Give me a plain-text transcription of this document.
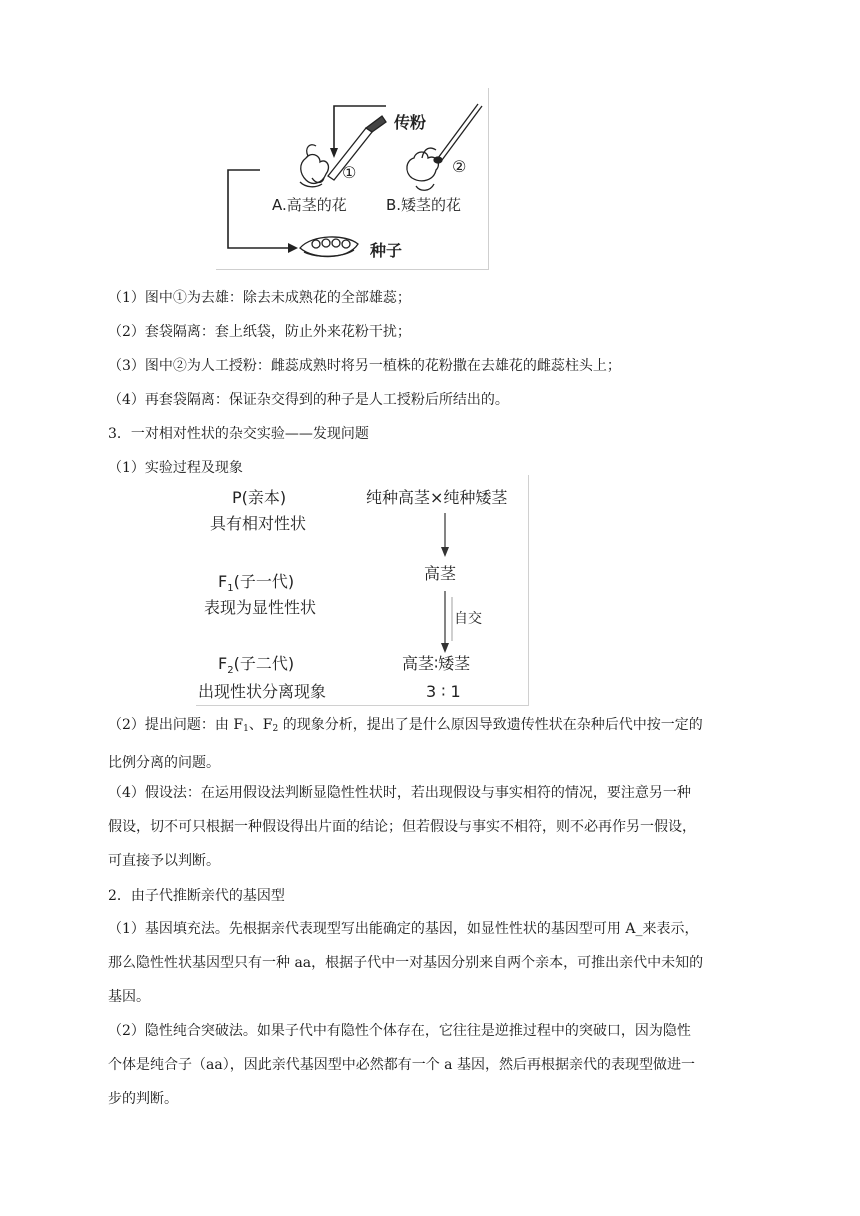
①	②
传粉
A.高茎的花	B.矮茎的花
种子
（1）图中①为去雄：除去未成熟花的全部雄蕊；
（2）套袋隔离：套上纸袋，防止外来花粉干扰；
（3）图中②为人工授粉：雌蕊成熟时将另一植株的花粉撒在去雄花的雌蕊柱头上；
（4）再套袋隔离：保证杂交得到的种子是人工授粉后所结出的。
3．一对相对性状的杂交实验——发现问题
（1）实验过程及现象
P(亲本)
具有相对性状
纯种高茎×纯种矮茎
$F_1$(子一代)
表现为显性性状
高茎
自交
$F_2$(子二代)
出现性状分离现象
高茎∶矮茎
3 ∶ 1
（2）提出问题：由 $F_1$、$F_2$ 的现象分析，提出了是什么原因导致遗传性状在杂种后代中按一定的比例分离的问题。
（4）假设法：在运用假设法判断显隐性性状时，若出现假设与事实相符的情况，要注意另一种假设，切不可只根据一种假设得出片面的结论；但若假设与事实不相符，则不必再作另一假设，可直接予以判断。
2．由子代推断亲代的基因型
（1）基因填充法。先根据亲代表现型写出能确定的基因，如显性性状的基因型可用 A_来表示，那么隐性性状基因型只有一种 aa，根据子代中一对基因分别来自两个亲本，可推出亲代中未知的基因。
（2）隐性纯合突破法。如果子代中有隐性个体存在，它往往是逆推过程中的突破口，因为隐性个体是纯合子（aa），因此亲代基因型中必然都有一个 a 基因，然后再根据亲代的表现型做进一步的判断。
